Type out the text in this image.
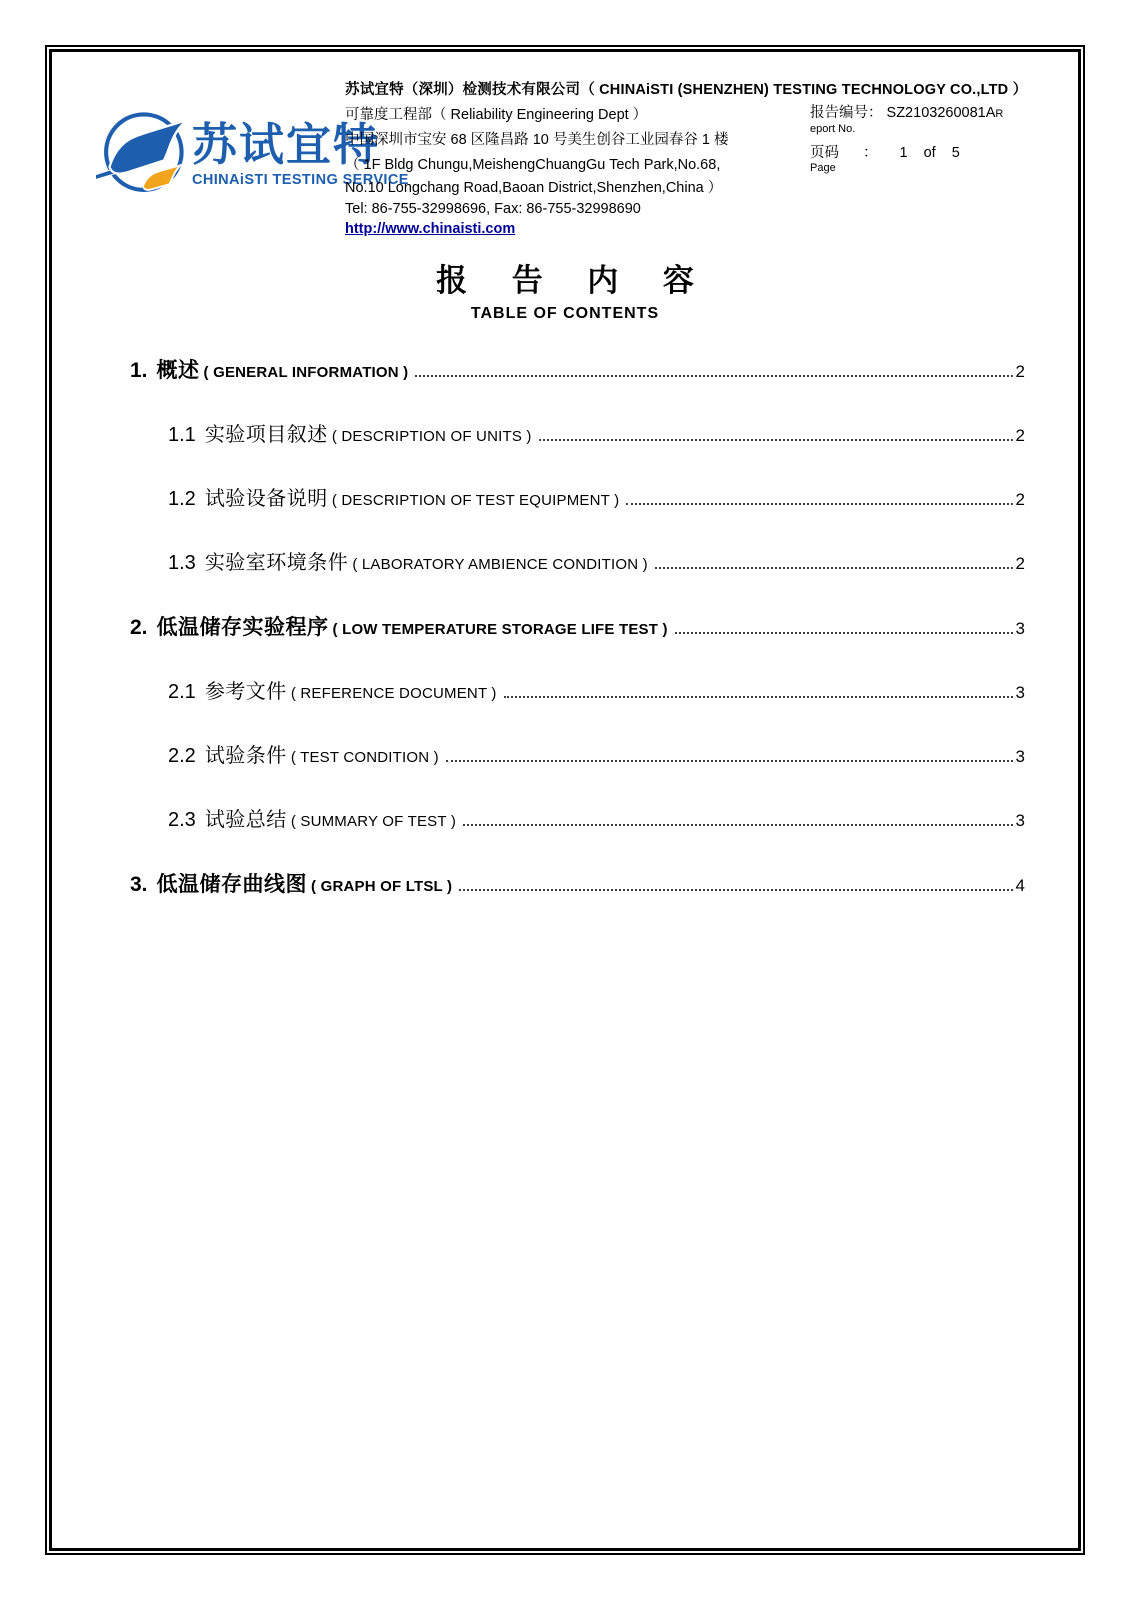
苏试宜特
CHINAiSTI TESTING SERVICE
苏试宜特（深圳）检测技术有限公司（ CHINAiSTI (SHENZHEN) TESTING TECHNOLOGY CO.,LTD ）
可靠度工程部（ Reliability Engineering Dept ）
中国深圳市宝安 68 区隆昌路 10 号美生创谷工业园春谷 1 楼
（ 1F Bldg Chungu,MeishengChuangGu Tech Park,No.68,
No.10 Longchang Road,Baoan District,Shenzhen,China ）
Tel: 86-755-32998696, Fax: 86-755-32998690
http://www.chinaisti.com
报告编号： SZ2103260081AR
eport No.
页码 ： 1 of 5
Page
报 告 内 容
TABLE OF CONTENTS
1. 概述 ( GENERAL INFORMATION )	2
1.1 实验项目叙述 ( DESCRIPTION OF UNITS )	2
1.2 试验设备说明 ( DESCRIPTION OF TEST EQUIPMENT )	2
1.3 实验室环境条件 ( LABORATORY AMBIENCE CONDITION )	2
2. 低温储存实验程序 ( LOW TEMPERATURE STORAGE LIFE TEST )	3
2.1 参考文件 ( REFERENCE DOCUMENT )	3
2.2 试验条件 ( TEST CONDITION )	3
2.3 试验总结 ( SUMMARY OF TEST )	3
3. 低温储存曲线图 ( GRAPH OF LTSL )	4
